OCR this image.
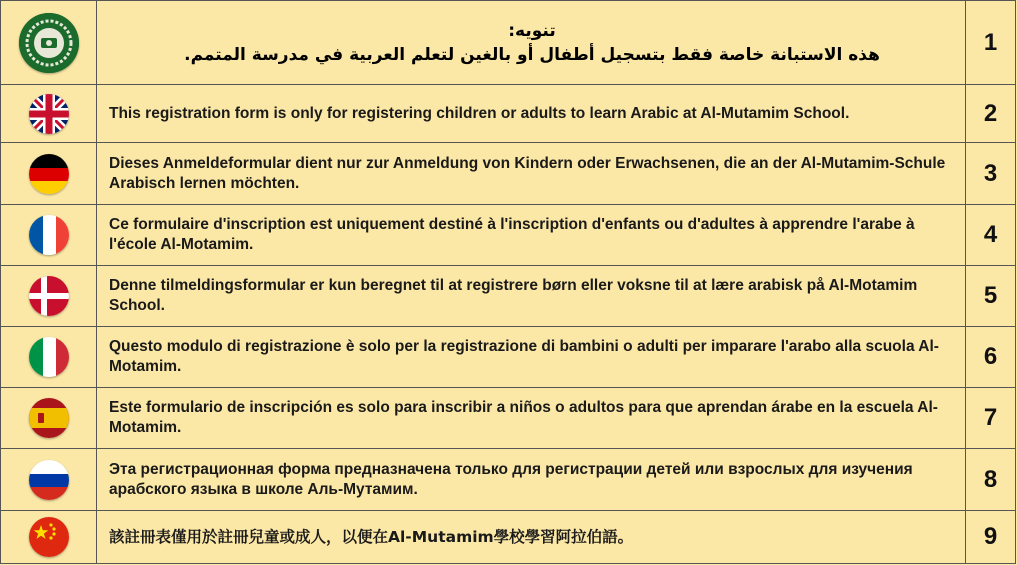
تنويه:
هذه الاستبانة خاصة فقط بتسجيل أطفال أو بالغين لتعلم العربية في مدرسة المتمم.	1

This registration form is only for registering children or adults to learn Arabic at Al-Mutamim School.	2

Dieses Anmeldeformular dient nur zur Anmeldung von Kindern oder Erwachsenen, die an der Al-Mutamim-Schule Arabisch lernen möchten.	3

Ce formulaire d'inscription est uniquement destiné à l'inscription d'enfants ou d'adultes à apprendre l'arabe à l'école Al-Motamim.	4

Denne tilmeldingsformular er kun beregnet til at registrere børn eller voksne til at lære arabisk på Al-Motamim School.	5

Questo modulo di registrazione è solo per la registrazione di bambini o adulti per imparare l'arabo alla scuola Al-Motamim.	6

Este formulario de inscripción es solo para inscribir a niños o adultos para que aprendan árabe en la escuela Al-Motamim.	7

Эта регистрационная форма предназначена только для регистрации детей или взрослых для изучения арабского языка в школе Аль-Мутамим.	8

該註冊表僅用於註冊兒童或成人，以便在Al-Mutamim學校學習阿拉伯語。	9
